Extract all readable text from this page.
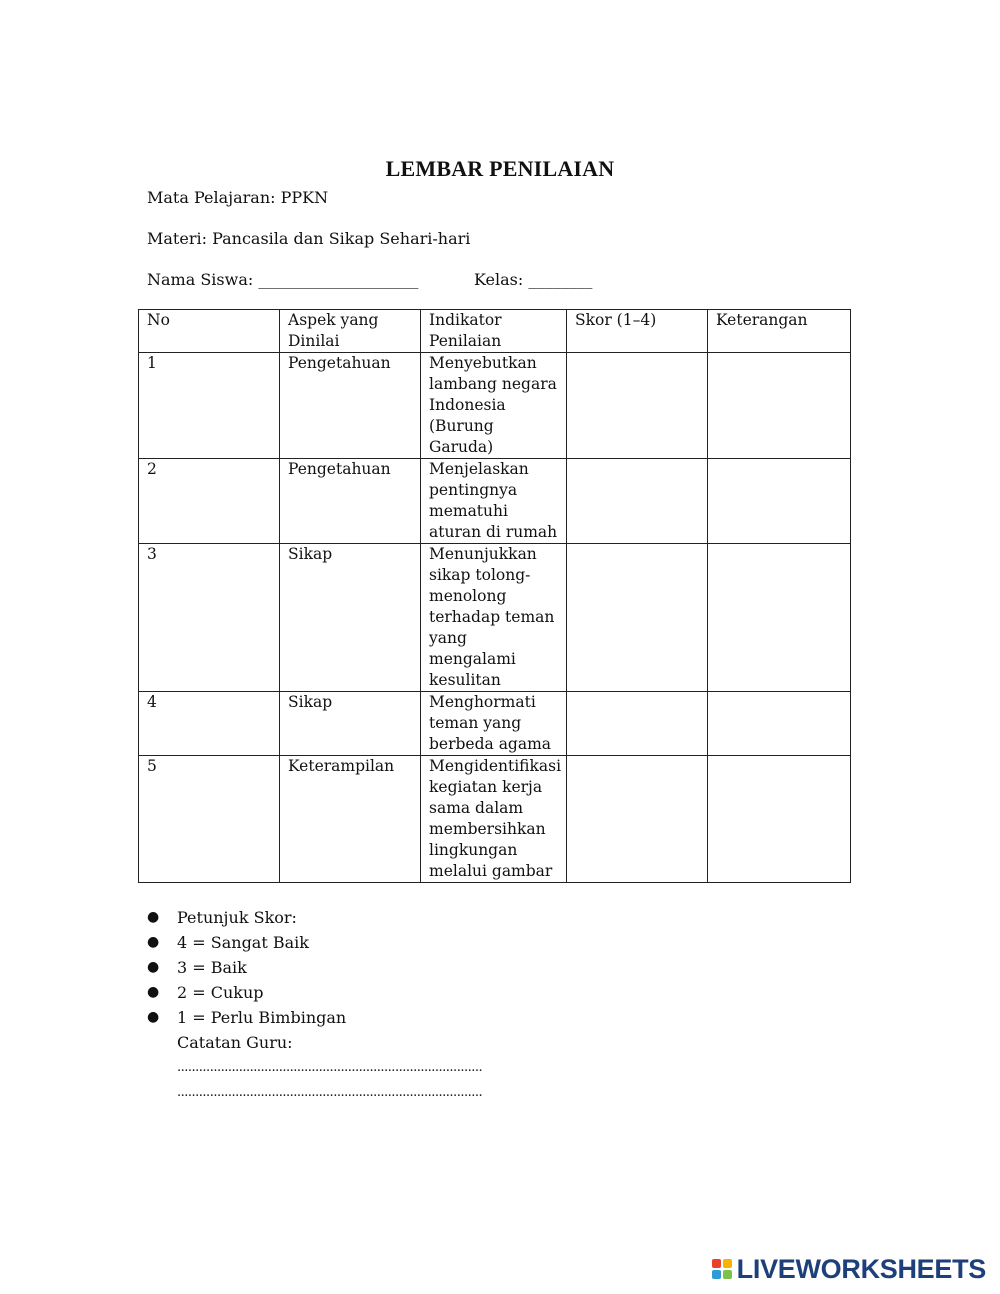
LEMBAR PENILAIAN
Mata Pelajaran: PPKN
Materi: Pancasila dan Sikap Sehari-hari
Nama Siswa: ____________________	Kelas: ________
No	Aspek yang Dinilai	Indikator Penilaian	Skor (1–4)	Keterangan
1	Pengetahuan	Menyebutkan lambang negara Indonesia (Burung Garuda)		
2	Pengetahuan	Menjelaskan pentingnya mematuhi aturan di rumah		
3	Sikap	Menunjukkan sikap tolong-menolong terhadap teman yang mengalami kesulitan		
4	Sikap	Menghormati teman yang berbeda agama		
5	Keterampilan	Mengidentifikasi kegiatan kerja sama dalam membersihkan lingkungan melalui gambar		
● Petunjuk Skor:
● 4 = Sangat Baik
● 3 = Baik
● 2 = Cukup
● 1 = Perlu Bimbingan
Catatan Guru:
....................................................................................
....................................................................................
LIVEWORKSHEETS
